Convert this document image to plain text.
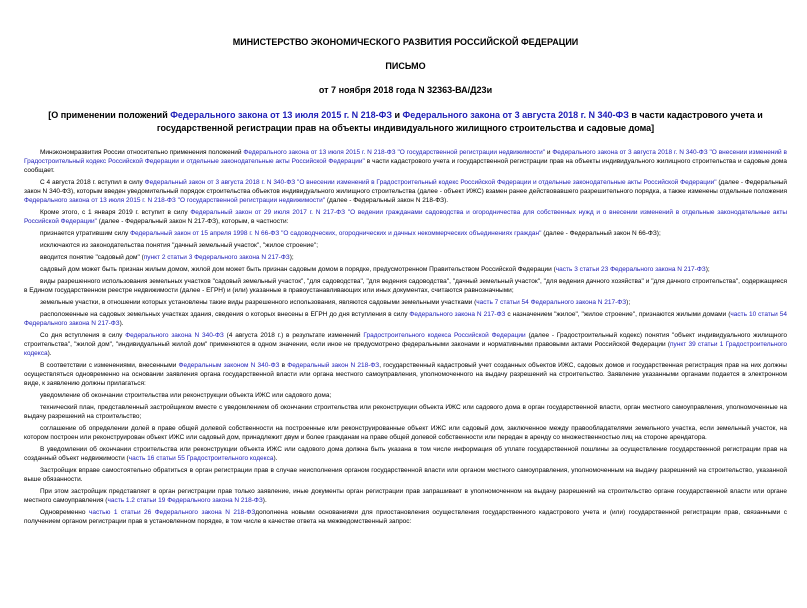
МИНИСТЕРСТВО ЭКОНОМИЧЕСКОГО РАЗВИТИЯ РОССИЙСКОЙ ФЕДЕРАЦИИ
ПИСЬМО
от 7 ноября 2018 года N 32363-ВА/Д23и
[О применении положений Федерального закона от 13 июля 2015 г. N 218-ФЗ и Федерального закона от 3 августа 2018 г. N 340-ФЗ в части кадастрового учета и государственной регистрации прав на объекты индивидуального жилищного строительства и садовые дома]

Минэкономразвития России относительно применения положений Федерального закона от 13 июля 2015 г. N 218-ФЗ "О государственной регистрации недвижимости" и Федерального закона от 3 августа 2018 г. N 340-ФЗ "О внесении изменений в Градостроительный кодекс Российской Федерации и отдельные законодательные акты Российской Федерации" в части кадастрового учета и государственной регистрации прав на объекты индивидуального жилищного строительства и садовые дома сообщает.

С 4 августа 2018 г. вступил в силу Федеральный закон от 3 августа 2018 г. N 340-ФЗ "О внесении изменений в Градостроительный кодекс Российской Федерации и отдельные законодательные акты Российской Федерации" (далее - Федеральный закон N 340-ФЗ), которым введен уведомительный порядок строительства объектов индивидуального жилищного строительства (далее - объект ИЖС) взамен ранее действовавшего разрешительного порядка, а также изменены отдельные положения Федерального закона от 13 июля 2015 г. N 218-ФЗ "О государственной регистрации недвижимости" (далее - Федеральный закон N 218-ФЗ).

Кроме этого, с 1 января 2019 г. вступит в силу Федеральный закон от 29 июля 2017 г. N 217-ФЗ "О ведении гражданами садоводства и огородничества для собственных нужд и о внесении изменений в отдельные законодательные акты Российской Федерации" (далее - Федеральный закон N 217-ФЗ), которым, в частности:

признается утратившим силу Федеральный закон от 15 апреля 1998 г. N 66-ФЗ "О садоводческих, огороднических и дачных некоммерческих объединениях граждан" (далее - Федеральный закон N 66-ФЗ);

исключаются из законодательства понятия "дачный земельный участок", "жилое строение";

вводится понятие "садовый дом" (пункт 2 статьи 3 Федерального закона N 217-ФЗ);

садовый дом может быть признан жилым домом, жилой дом может быть признан садовым домом в порядке, предусмотренном Правительством Российской Федерации (часть 3 статьи 23 Федерального закона N 217-ФЗ);

виды разрешенного использования земельных участков "садовый земельный участок", "для садоводства", "для ведения садоводства", "дачный земельный участок", "для ведения дачного хозяйства" и "для дачного строительства", содержащиеся в Едином государственном реестре недвижимости (далее - ЕГРН) и (или) указанные в правоустанавливающих или иных документах, считаются равнозначными;

земельные участки, в отношении которых установлены такие виды разрешенного использования, являются садовыми земельными участками (часть 7 статьи 54 Федерального закона N 217-ФЗ);

расположенные на садовых земельных участках здания, сведения о которых внесены в ЕГРН до дня вступления в силу Федерального закона N 217-ФЗ с назначением "жилое", "жилое строение", признаются жилыми домами (часть 10 статьи 54 Федерального закона N 217-ФЗ).

Со дня вступления в силу Федерального закона N 340-ФЗ (4 августа 2018 г.) в результате изменений Градостроительного кодекса Российской Федерации (далее - Градостроительный кодекс) понятия "объект индивидуального жилищного строительства", "жилой дом", "индивидуальный жилой дом" применяются в одном значении, если иное не предусмотрено федеральными законами и нормативными правовыми актами Российской Федерации (пункт 39 статьи 1 Градостроительного кодекса).

В соответствии с изменениями, внесенными Федеральным законом N 340-ФЗ в Федеральный закон N 218-ФЗ, государственный кадастровый учет созданных объектов ИЖС, садовых домов и государственная регистрация прав на них должны осуществляться одновременно на основании заявления органа государственной власти или органа местного самоуправления, уполномоченного на выдачу разрешений на строительство. Заявление указанными органами подается в электронном виде, к заявлению должны прилагаться:

уведомление об окончании строительства или реконструкции объекта ИЖС или садового дома;

технический план, представленный застройщиком вместе с уведомлением об окончании строительства или реконструкции объекта ИЖС или садового дома в орган государственной власти, орган местного самоуправления, уполномоченные на выдачу разрешений на строительство;

соглашение об определении долей в праве общей долевой собственности на построенные или реконструированные объект ИЖС или садовый дом, заключенное между правообладателями земельного участка, если земельный участок, на котором построен или реконструирован объект ИЖС или садовый дом, принадлежит двум и более гражданам на праве общей долевой собственности или передан в аренду со множественностью лиц на стороне арендатора.

В уведомлении об окончании строительства или реконструкции объекта ИЖС или садового дома должна быть указана в том числе информация об уплате государственной пошлины за осуществление государственной регистрации прав на созданный объект недвижимости (часть 16 статьи 55 Градостроительного кодекса).

Застройщик вправе самостоятельно обратиться в орган регистрации прав в случае неисполнения органом государственной власти или органом местного самоуправления, уполномоченным на выдачу разрешений на строительство, указанной выше обязанности.

При этом застройщик представляет в орган регистрации прав только заявление, иные документы орган регистрации прав запрашивает в уполномоченном на выдачу разрешений на строительство органе государственной власти или органе местного самоуправления (часть 1.2 статьи 19 Федерального закона N 218-ФЗ).

Одновременно частью 1 статьи 26 Федерального закона N 218-ФЗдополнена новыми основаниями для приостановления осуществления государственного кадастрового учета и (или) государственной регистрации прав, связанными с получением органом регистрации прав в установленном порядке, в том числе в качестве ответа на межведомственный запрос:
